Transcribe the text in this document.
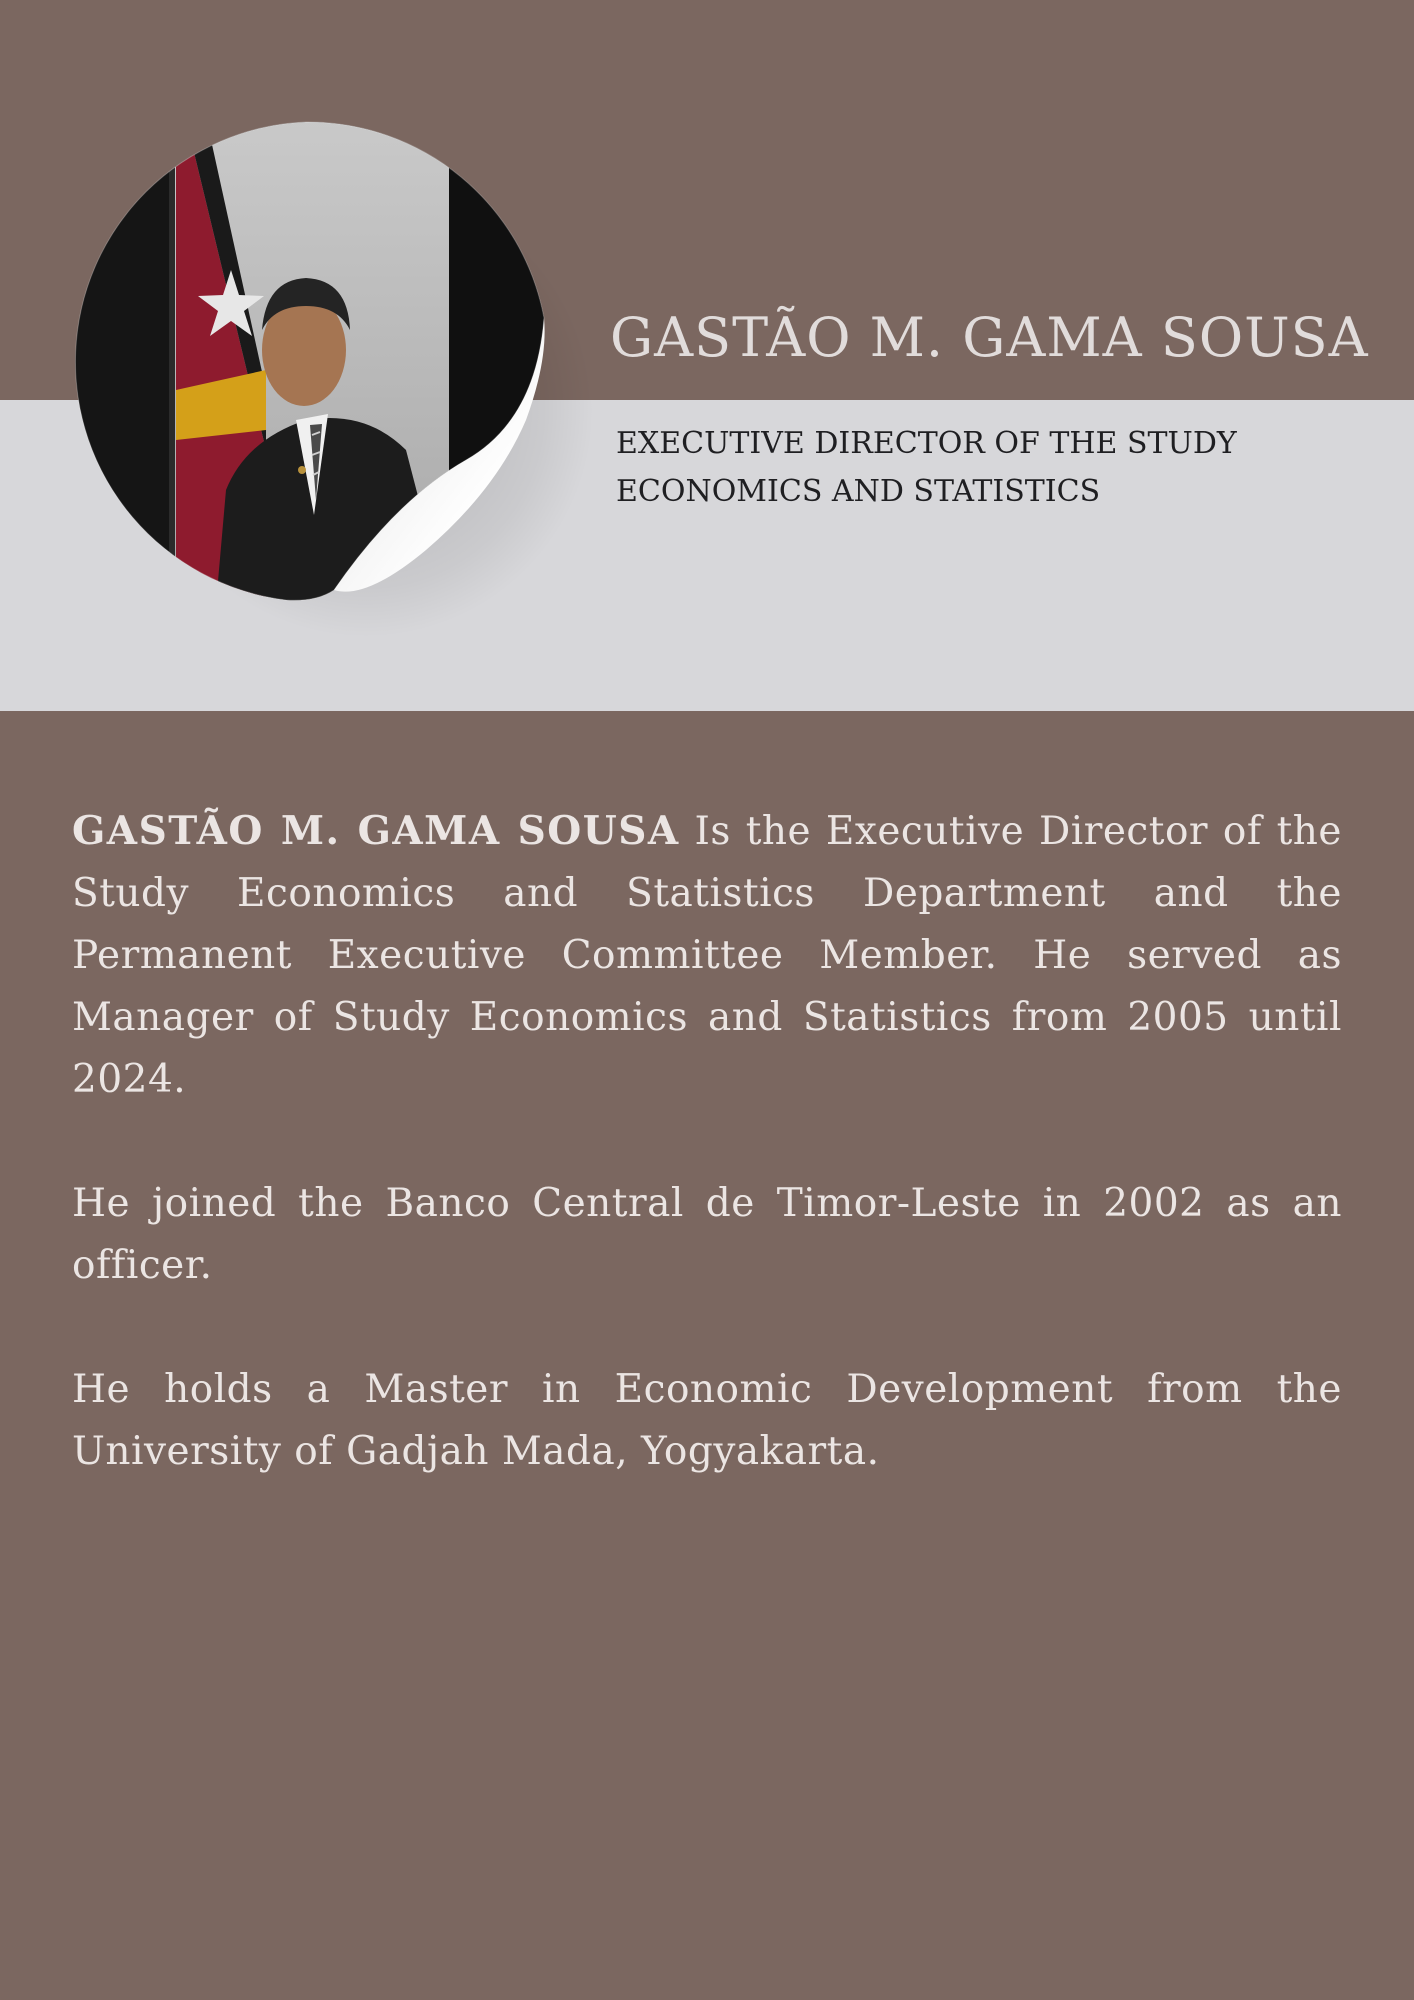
GASTÃO M. GAMA SOUSA
EXECUTIVE DIRECTOR OF THE STUDY
ECONOMICS AND STATISTICS

GASTÃO M. GAMA SOUSA Is the Executive Director of the Study Economics and Statistics Department and the Permanent Executive Committee Member. He served as Manager of Study Economics and Statistics from 2005 until 2024.

He joined the Banco Central de Timor-Leste in 2002 as an officer.

He holds a Master in Economic Development from the University of Gadjah Mada, Yogyakarta.
